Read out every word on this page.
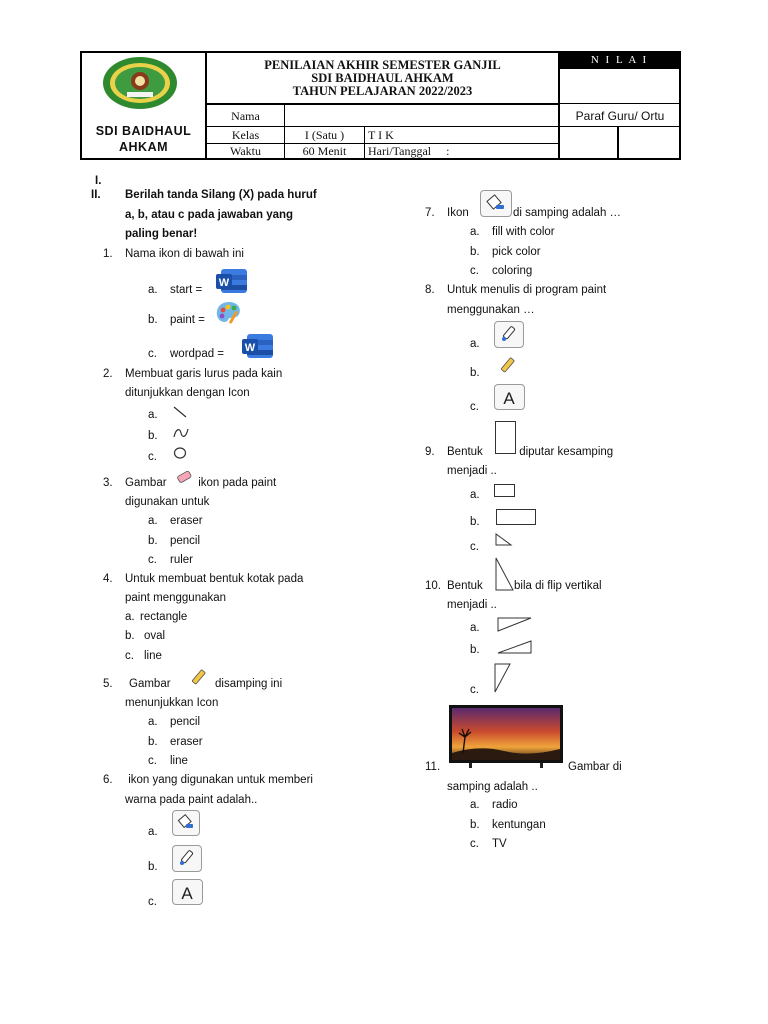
N I L A I
SDI BAIDHAUL
AHKAM
PENILAIAN AKHIR SEMESTER GANJIL
SDI BAIDHAUL AHKAM
TAHUN PELAJARAN 2022/2023
Nama
Kelas	I (Satu )	T I K
Waktu	60 Menit	Hari/Tanggal     :
Paraf Guru/ Ortu
I.
II. Berilah tanda Silang (X) pada huruf
a, b, atau c pada jawaban yang
paling benar!
1. Nama ikon di bawah ini
a. start =
W
b. paint =
c. wordpad = W
2. Membuat garis lurus pada kain
ditunjukkan dengan Icon
a.
b.
c.
3. Gambar ikon pada paint
digunakan untuk
a. eraser
b. pencil
c. ruler
4. Untuk membuat bentuk kotak pada
paint menggunakan
a. rectangle
b. oval
c. line
5. Gambar	disamping ini
menunjukkan Icon
a. pencil
b. eraser
c. line
6. ikon yang digunakan untuk memberi
warna pada paint adalah..
a.
b.
c. A
7. Ikon	di samping adalah …
a. fill with color
b. pick color
c. coloring
8. Untuk menulis di program paint
menggunakan …
a.
b.
c. A
9. Bentuk	diputar kesamping
menjadi ..
a.
b.
c.
10. Bentuk	bila di flip vertikal
menjadi ..
a.
b.
c.
11.	Gambar di
samping adalah ..
a. radio
b. kentungan
c. TV
